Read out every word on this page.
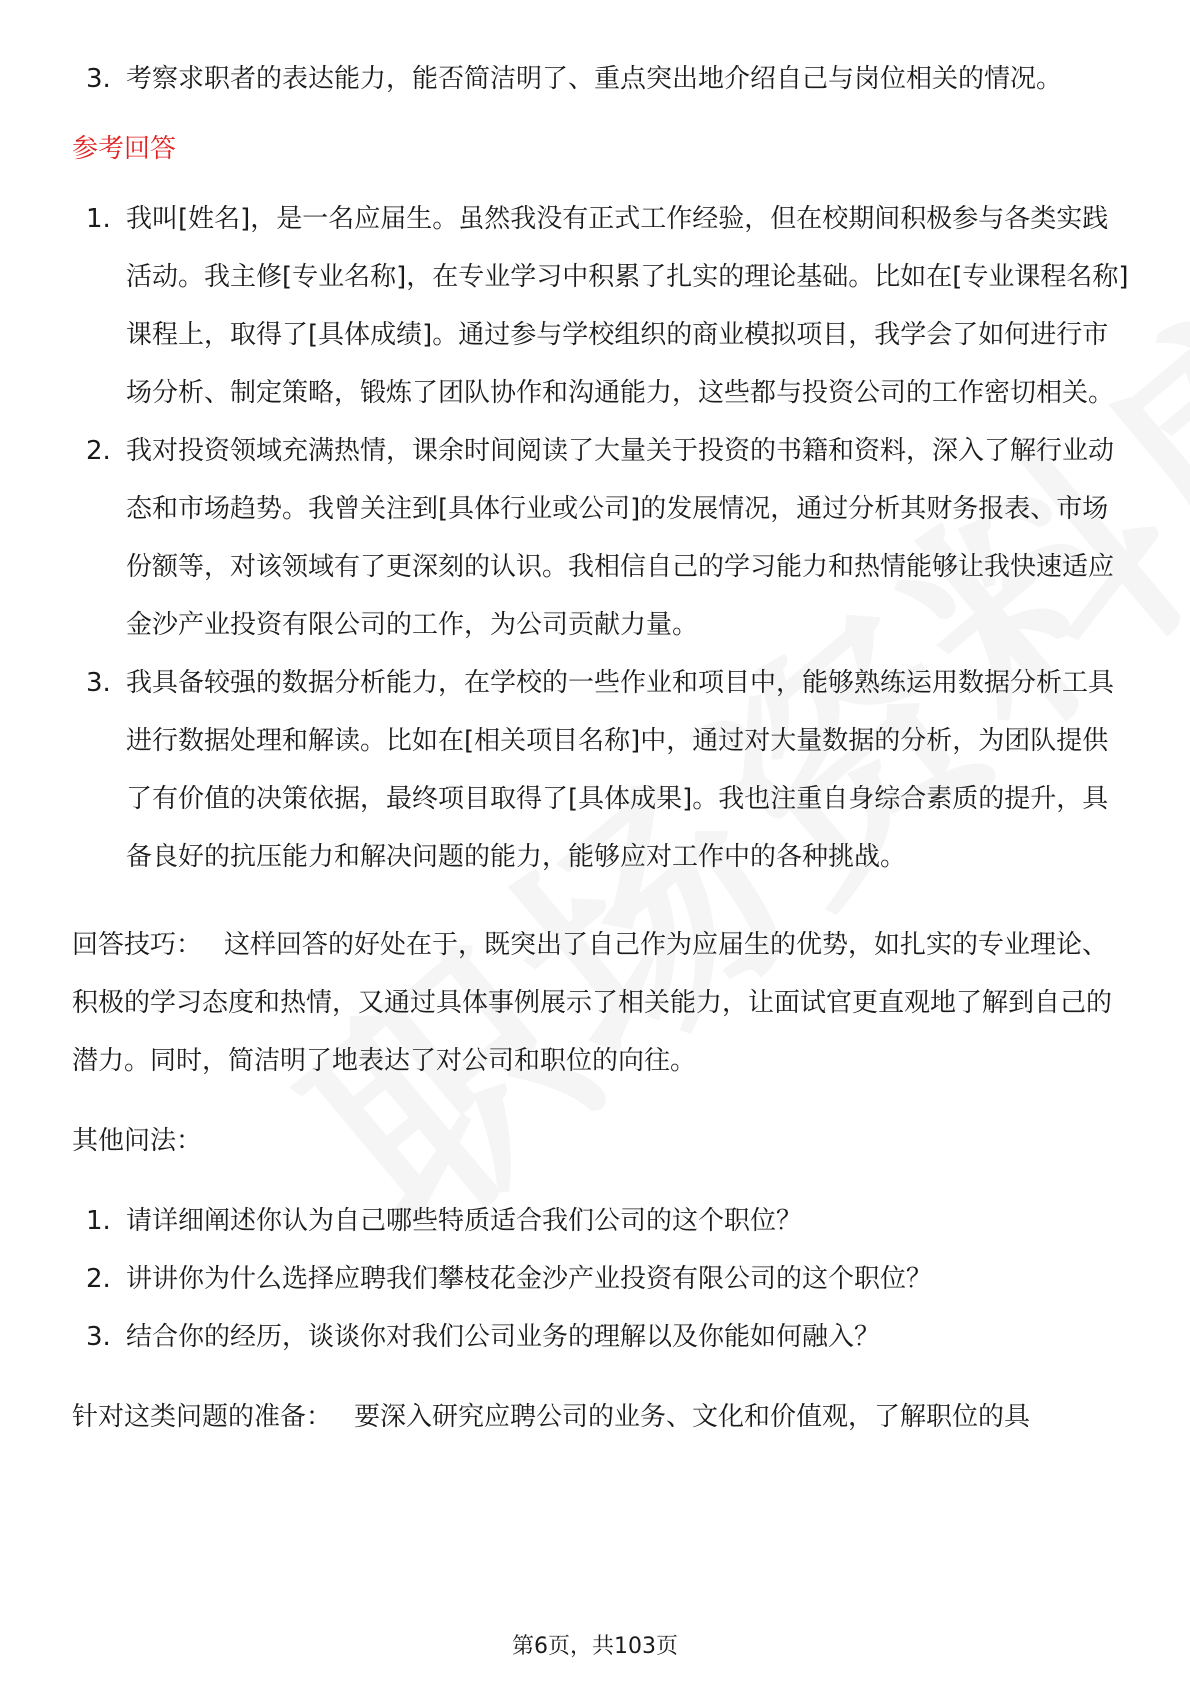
3. 考察求职者的表达能力，能否简洁明了、重点突出地介绍自己与岗位相关的情况。
参考回答
1. 我叫[姓名]，是一名应届生。虽然我没有正式工作经验，但在校期间积极参与各类实践活动。我主修[专业名称]，在专业学习中积累了扎实的理论基础。比如在[专业课程名称]课程上，取得了[具体成绩]。通过参与学校组织的商业模拟项目，我学会了如何进行市场分析、制定策略，锻炼了团队协作和沟通能力，这些都与投资公司的工作密切相关。
2. 我对投资领域充满热情，课余时间阅读了大量关于投资的书籍和资料，深入了解行业动态和市场趋势。我曾关注到[具体行业或公司]的发展情况，通过分析其财务报表、市场份额等，对该领域有了更深刻的认识。我相信自己的学习能力和热情能够让我快速适应金沙产业投资有限公司的工作，为公司贡献力量。
3. 我具备较强的数据分析能力，在学校的一些作业和项目中，能够熟练运用数据分析工具进行数据处理和解读。比如在[相关项目名称]中，通过对大量数据的分析，为团队提供了有价值的决策依据，最终项目取得了[具体成果]。我也注重自身综合素质的提升，具备良好的抗压能力和解决问题的能力，能够应对工作中的各种挑战。

回答技巧： 这样回答的好处在于，既突出了自己作为应届生的优势，如扎实的专业理论、积极的学习态度和热情，又通过具体事例展示了相关能力，让面试官更直观地了解到自己的潜力。同时，简洁明了地表达了对公司和职位的向往。

其他问法：

1. 请详细阐述你认为自己哪些特质适合我们公司的这个职位？
2. 讲讲你为什么选择应聘我们攀枝花金沙产业投资有限公司的这个职位？
3. 结合你的经历，谈谈你对我们公司业务的理解以及你能如何融入？

针对这类问题的准备： 要深入研究应聘公司的业务、文化和价值观，了解职位的具

第6页，共103页
